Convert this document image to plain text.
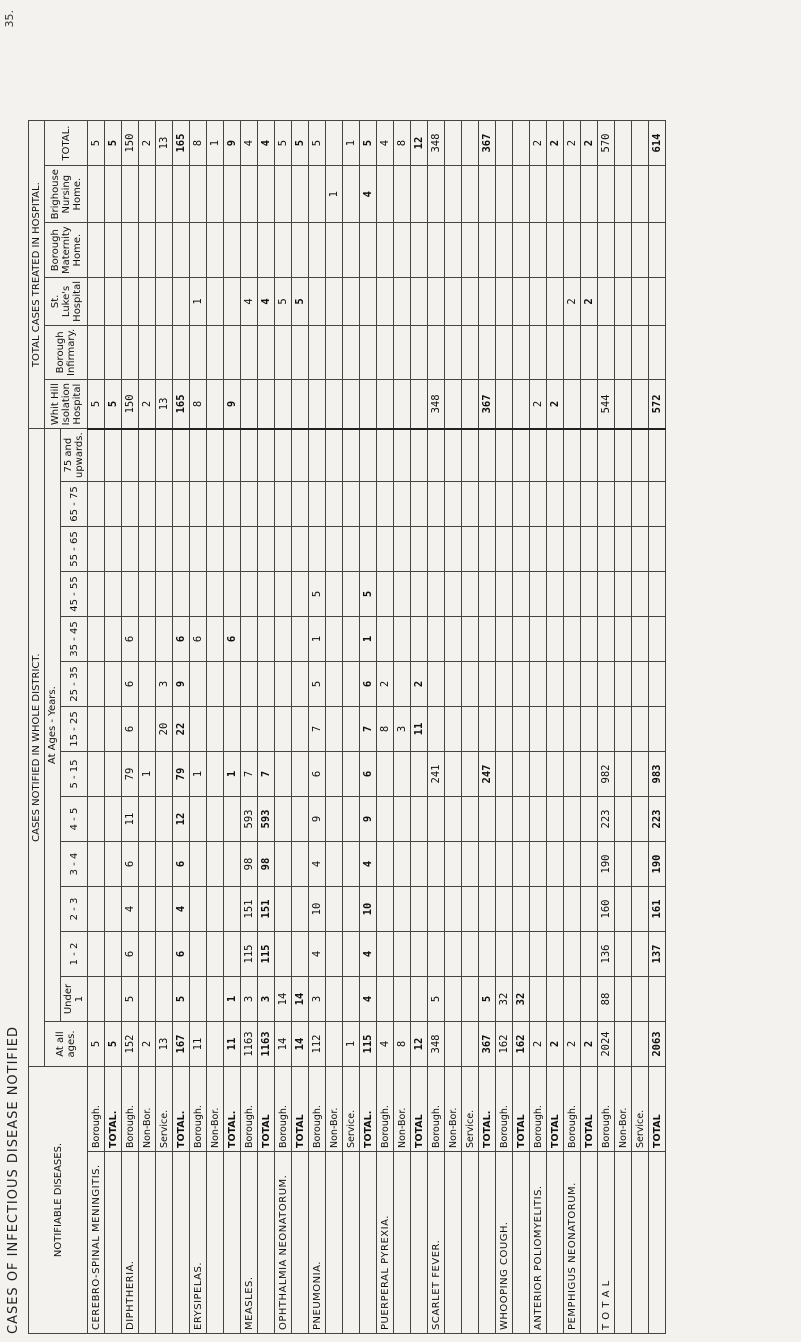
CASES OF INFECTIOUS DISEASE NOTIFIED
35.
NOTIFIABLE DISEASES.		CASES NOTIFIED IN WHOLE DISTRICT.														TOTAL CASES TREATED IN HOSPITAL.					
		At all ages.	At Ages - Years.													Whit Hill Isolation Hospital	Borough Infirmary.	St. Luke's Hospital	Borough Maternity Home.	Brighouse Nursing Home.	TOTAL.
			Under 1	1 - 2	2 - 3	3 - 4	4 - 5	5 - 15	15 - 25	25 - 35	35 - 45	45 - 55	55 - 65	65 - 75	75 and upwards.						
CEREBRO-SPINAL MENINGITIS.	Borough.	5														5					5
	TOTAL.	5														5					5
DIPHTHERIA.	Borough.	152	5	6	4	6	11	79	6	6	6					150					150
	Non-Bor.	2						1								2					2
	Service.	13							20	3						13					13
	TOTAL.	167	5	6	4	6	12	79	22	9	6					165					165
ERYSIPELAS.	Borough.	11						1			6					8		1			8
	Non-Bor.																				1
	TOTAL.	11	1					1			6					9					9
MEASLES.	Borough.	1163	3	115	151	98	593	7										4			4
	TOTAL	1163	3	115	151	98	593	7										4			4
OPHTHALMIA NEONATORUM.	Borough.	14	14															5			5
	TOTAL	14	14															5			5
PNEUMONIA.	Borough.	112	3	4	10	4	9	6	7	5	1	5									5
	Non-Bor.																			1	
	Service.	1																			1
	TOTAL.	115	4	4	10	4	9	6	7	6	1	5								4	5
PUERPERAL PYREXIA.	Borough.	4							8	2											4
	Non-Bor.	8							3												8
	TOTAL	12							11	2											12
SCARLET FEVER.	Borough.	348	5					241								348					348
	Non-Bor.																				
	Service.																				
	TOTAL.	367	5					247								367					367
WHOOPING COUGH.	Borough.	162	32																		
	TOTAL	162	32																		
ANTERIOR POLIOMYELITIS.	Borough.	2														2					2
	TOTAL	2														2					2
PEMPHIGUS NEONATORUM.	Borough.	2																2			2
	TOTAL	2																2			2
T O T A L	Borough.	2024	88	136	160	190	223	982								544					570
	Non-Bor.																				
	Service.																				
	TOTAL	2063		137	161	190	223	983								572					614
